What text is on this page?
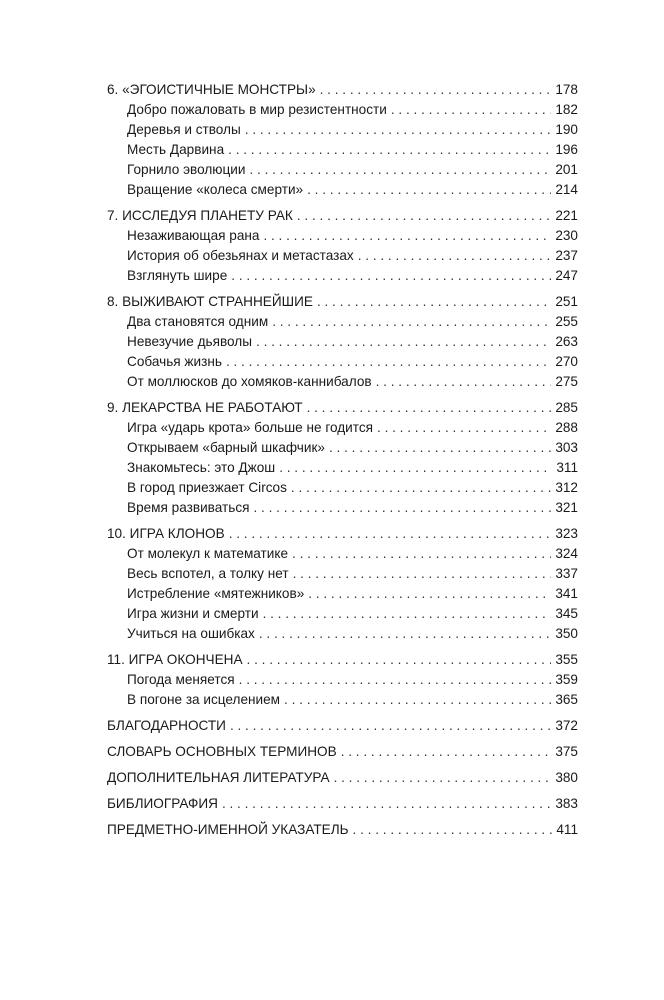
6. «ЭГОИСТИЧНЫЕ МОНСТРЫ» . . .	178
Добро пожаловать в мир резистентности . . .	182
Деревья и стволы . . .	190
Месть Дарвина . . .	196
Горнило эволюции . . .	201
Вращение «колеса смерти» . . .	214
7. ИССЛЕДУЯ ПЛАНЕТУ РАК . . .	221
Незаживающая рана . . .	230
История об обезьянах и метастазах . . .	237
Взглянуть шире . . .	247
8. ВЫЖИВАЮТ СТРАННЕЙШИЕ . . .	251
Два становятся одним . . .	255
Невезучие дьяволы . . .	263
Собачья жизнь . . .	270
От моллюсков до хомяков-каннибалов . . .	275
9. ЛЕКАРСТВА НЕ РАБОТАЮТ . . .	285
Игра «ударь крота» больше не годится . . .	288
Открываем «барный шкафчик» . . .	303
Знакомьтесь: это Джош . . .	311
В город приезжает Circos . . .	312
Время развиваться . . .	321
10. ИГРА КЛОНОВ . . .	323
От молекул к математике . . .	324
Весь вспотел, а толку нет . . .	337
Истребление «мятежников» . . .	341
Игра жизни и смерти . . .	345
Учиться на ошибках . . .	350
11. ИГРА ОКОНЧЕНА . . .	355
Погода меняется . . .	359
В погоне за исцелением . . .	365
БЛАГОДАРНОСТИ . . .	372
СЛОВАРЬ ОСНОВНЫХ ТЕРМИНОВ . . .	375
ДОПОЛНИТЕЛЬНАЯ ЛИТЕРАТУРА . . .	380
БИБЛИОГРАФИЯ . . .	383
ПРЕДМЕТНО-ИМЕННОЙ УКАЗАТЕЛЬ . . .	411
